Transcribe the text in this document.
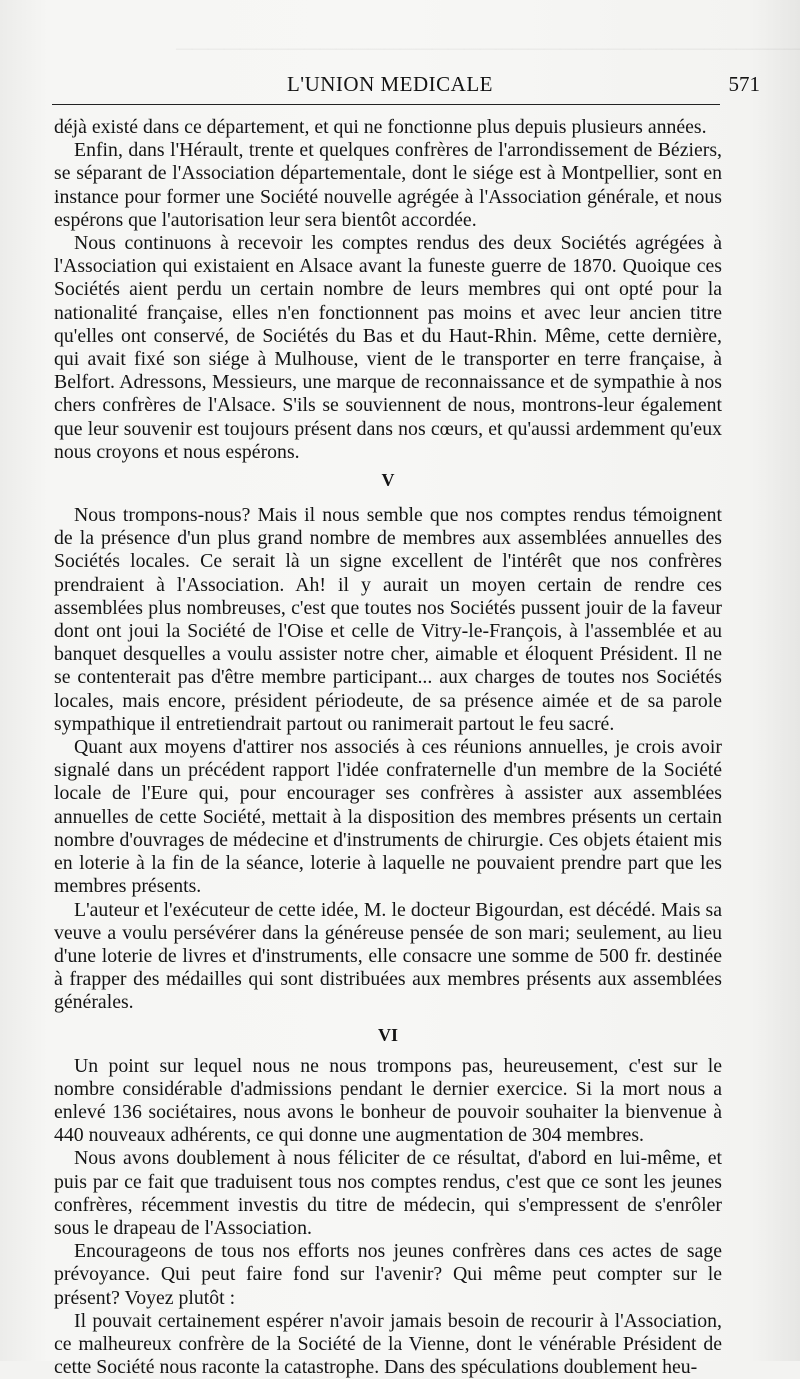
———————————————————————————————————————
L'UNION MEDICALE	571

déjà existé dans ce département, et qui ne fonctionne plus depuis plusieurs années.

Enfin, dans l'Hérault, trente et quelques confrères de l'arrondissement de Béziers, se séparant de l'Association départementale, dont le siége est à Montpellier, sont en instance pour former une Société nouvelle agrégée à l'Association générale, et nous espérons que l'autorisation leur sera bientôt accordée.

Nous continuons à recevoir les comptes rendus des deux Sociétés agrégées à l'Association qui existaient en Alsace avant la funeste guerre de 1870. Quoique ces Sociétés aient perdu un certain nombre de leurs membres qui ont opté pour la nationalité française, elles n'en fonctionnent pas moins et avec leur ancien titre qu'elles ont conservé, de Sociétés du Bas et du Haut-Rhin. Même, cette dernière, qui avait fixé son siége à Mulhouse, vient de le transporter en terre française, à Belfort. Adressons, Messieurs, une marque de reconnaissance et de sympathie à nos chers confrères de l'Alsace. S'ils se souviennent de nous, montrons-leur également que leur souvenir est toujours présent dans nos cœurs, et qu'aussi ardemment qu'eux nous croyons et nous espérons.

V

Nous trompons-nous? Mais il nous semble que nos comptes rendus témoignent de la présence d'un plus grand nombre de membres aux assemblées annuelles des Sociétés locales. Ce serait là un signe excellent de l'intérêt que nos confrères prendraient à l'Association. Ah! il y aurait un moyen certain de rendre ces assemblées plus nombreuses, c'est que toutes nos Sociétés pussent jouir de la faveur dont ont joui la Société de l'Oise et celle de Vitry-le-François, à l'assemblée et au banquet desquelles a voulu assister notre cher, aimable et éloquent Président. Il ne se contenterait pas d'être membre participant... aux charges de toutes nos Sociétés locales, mais encore, président périodeute, de sa présence aimée et de sa parole sympathique il entretiendrait partout ou ranimerait partout le feu sacré.

Quant aux moyens d'attirer nos associés à ces réunions annuelles, je crois avoir signalé dans un précédent rapport l'idée confraternelle d'un membre de la Société locale de l'Eure qui, pour encourager ses confrères à assister aux assemblées annuelles de cette Société, mettait à la disposition des membres présents un certain nombre d'ouvrages de médecine et d'instruments de chirurgie. Ces objets étaient mis en loterie à la fin de la séance, loterie à laquelle ne pouvaient prendre part que les membres présents.

L'auteur et l'exécuteur de cette idée, M. le docteur Bigourdan, est décédé. Mais sa veuve a voulu persévérer dans la généreuse pensée de son mari; seulement, au lieu d'une loterie de livres et d'instruments, elle consacre une somme de 500 fr. destinée à frapper des médailles qui sont distribuées aux membres présents aux assemblées générales.

VI

Un point sur lequel nous ne nous trompons pas, heureusement, c'est sur le nombre considérable d'admissions pendant le dernier exercice. Si la mort nous a enlevé 136 sociétaires, nous avons le bonheur de pouvoir souhaiter la bienvenue à 440 nouveaux adhérents, ce qui donne une augmentation de 304 membres.

Nous avons doublement à nous féliciter de ce résultat, d'abord en lui-même, et puis par ce fait que traduisent tous nos comptes rendus, c'est que ce sont les jeunes confrères, récemment investis du titre de médecin, qui s'empressent de s'enrôler sous le drapeau de l'Association.

Encourageons de tous nos efforts nos jeunes confrères dans ces actes de sage prévoyance. Qui peut faire fond sur l'avenir? Qui même peut compter sur le présent? Voyez plutôt :

Il pouvait certainement espérer n'avoir jamais besoin de recourir à l'Association, ce malheureux confrère de la Société de la Vienne, dont le vénérable Président de cette Société nous raconte la catastrophe. Dans des spéculations doublement heu-
